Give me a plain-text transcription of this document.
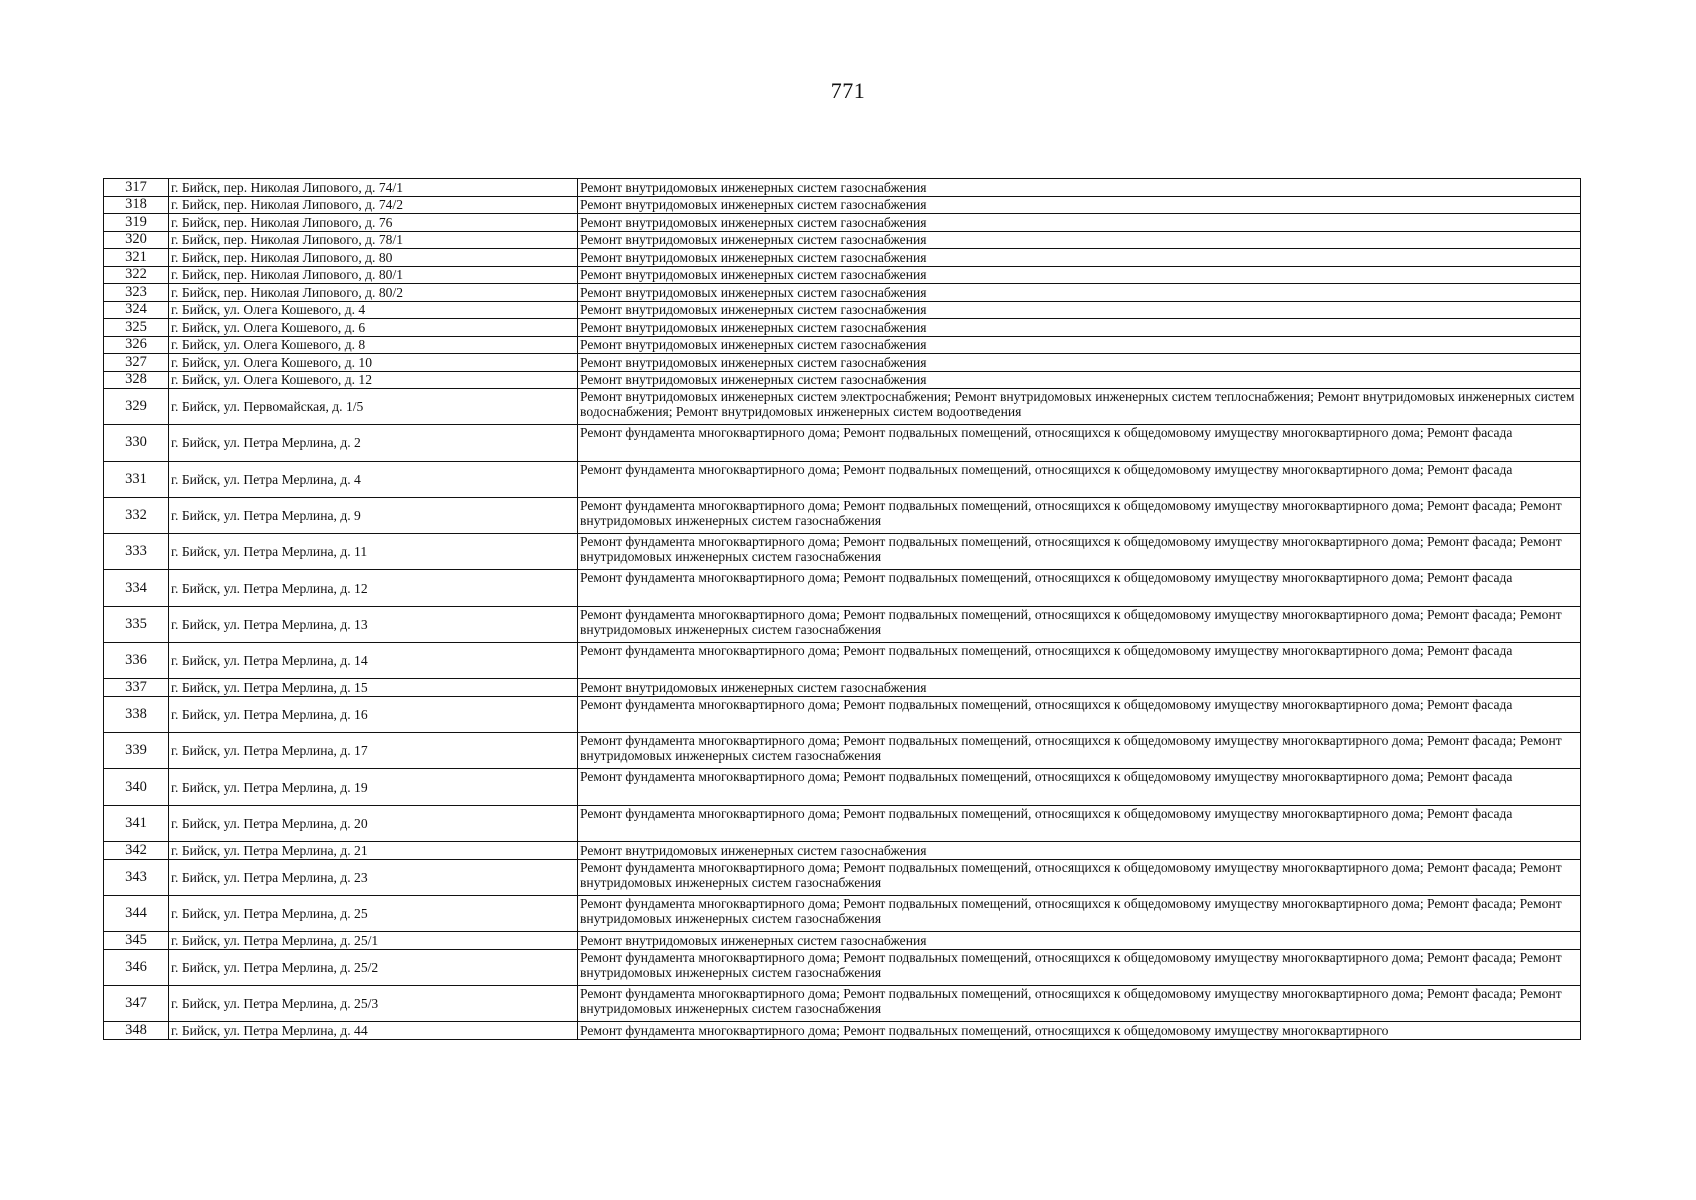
771
317	г. Бийск, пер. Николая Липового, д. 74/1	Ремонт внутридомовых инженерных систем газоснабжения
318	г. Бийск, пер. Николая Липового, д. 74/2	Ремонт внутридомовых инженерных систем газоснабжения
319	г. Бийск, пер. Николая Липового, д. 76	Ремонт внутридомовых инженерных систем газоснабжения
320	г. Бийск, пер. Николая Липового, д. 78/1	Ремонт внутридомовых инженерных систем газоснабжения
321	г. Бийск, пер. Николая Липового, д. 80	Ремонт внутридомовых инженерных систем газоснабжения
322	г. Бийск, пер. Николая Липового, д. 80/1	Ремонт внутридомовых инженерных систем газоснабжения
323	г. Бийск, пер. Николая Липового, д. 80/2	Ремонт внутридомовых инженерных систем газоснабжения
324	г. Бийск, ул. Олега Кошевого, д. 4	Ремонт внутридомовых инженерных систем газоснабжения
325	г. Бийск, ул. Олега Кошевого, д. 6	Ремонт внутридомовых инженерных систем газоснабжения
326	г. Бийск, ул. Олега Кошевого, д. 8	Ремонт внутридомовых инженерных систем газоснабжения
327	г. Бийск, ул. Олега Кошевого, д. 10	Ремонт внутридомовых инженерных систем газоснабжения
328	г. Бийск, ул. Олега Кошевого, д. 12	Ремонт внутридомовых инженерных систем газоснабжения
329	г. Бийск, ул. Первомайская, д. 1/5	Ремонт внутридомовых инженерных систем электроснабжения; Ремонт внутридомовых инженерных систем теплоснабжения; Ремонт внутридомовых инженерных систем водоснабжения; Ремонт внутридомовых инженерных систем водоотведения
330	г. Бийск, ул. Петра Мерлина, д. 2	Ремонт фундамента многоквартирного дома; Ремонт подвальных помещений, относящихся к общедомовому имуществу многоквартирного дома; Ремонт фасада
331	г. Бийск, ул. Петра Мерлина, д. 4	Ремонт фундамента многоквартирного дома; Ремонт подвальных помещений, относящихся к общедомовому имуществу многоквартирного дома; Ремонт фасада
332	г. Бийск, ул. Петра Мерлина, д. 9	Ремонт фундамента многоквартирного дома; Ремонт подвальных помещений, относящихся к общедомовому имуществу многоквартирного дома; Ремонт фасада; Ремонт внутридомовых инженерных систем газоснабжения
333	г. Бийск, ул. Петра Мерлина, д. 11	Ремонт фундамента многоквартирного дома; Ремонт подвальных помещений, относящихся к общедомовому имуществу многоквартирного дома; Ремонт фасада; Ремонт внутридомовых инженерных систем газоснабжения
334	г. Бийск, ул. Петра Мерлина, д. 12	Ремонт фундамента многоквартирного дома; Ремонт подвальных помещений, относящихся к общедомовому имуществу многоквартирного дома; Ремонт фасада
335	г. Бийск, ул. Петра Мерлина, д. 13	Ремонт фундамента многоквартирного дома; Ремонт подвальных помещений, относящихся к общедомовому имуществу многоквартирного дома; Ремонт фасада; Ремонт внутридомовых инженерных систем газоснабжения
336	г. Бийск, ул. Петра Мерлина, д. 14	Ремонт фундамента многоквартирного дома; Ремонт подвальных помещений, относящихся к общедомовому имуществу многоквартирного дома; Ремонт фасада
337	г. Бийск, ул. Петра Мерлина, д. 15	Ремонт внутридомовых инженерных систем газоснабжения
338	г. Бийск, ул. Петра Мерлина, д. 16	Ремонт фундамента многоквартирного дома; Ремонт подвальных помещений, относящихся к общедомовому имуществу многоквартирного дома; Ремонт фасада
339	г. Бийск, ул. Петра Мерлина, д. 17	Ремонт фундамента многоквартирного дома; Ремонт подвальных помещений, относящихся к общедомовому имуществу многоквартирного дома; Ремонт фасада; Ремонт внутридомовых инженерных систем газоснабжения
340	г. Бийск, ул. Петра Мерлина, д. 19	Ремонт фундамента многоквартирного дома; Ремонт подвальных помещений, относящихся к общедомовому имуществу многоквартирного дома; Ремонт фасада
341	г. Бийск, ул. Петра Мерлина, д. 20	Ремонт фундамента многоквартирного дома; Ремонт подвальных помещений, относящихся к общедомовому имуществу многоквартирного дома; Ремонт фасада
342	г. Бийск, ул. Петра Мерлина, д. 21	Ремонт внутридомовых инженерных систем газоснабжения
343	г. Бийск, ул. Петра Мерлина, д. 23	Ремонт фундамента многоквартирного дома; Ремонт подвальных помещений, относящихся к общедомовому имуществу многоквартирного дома; Ремонт фасада; Ремонт внутридомовых инженерных систем газоснабжения
344	г. Бийск, ул. Петра Мерлина, д. 25	Ремонт фундамента многоквартирного дома; Ремонт подвальных помещений, относящихся к общедомовому имуществу многоквартирного дома; Ремонт фасада; Ремонт внутридомовых инженерных систем газоснабжения
345	г. Бийск, ул. Петра Мерлина, д. 25/1	Ремонт внутридомовых инженерных систем газоснабжения
346	г. Бийск, ул. Петра Мерлина, д. 25/2	Ремонт фундамента многоквартирного дома; Ремонт подвальных помещений, относящихся к общедомовому имуществу многоквартирного дома; Ремонт фасада; Ремонт внутридомовых инженерных систем газоснабжения
347	г. Бийск, ул. Петра Мерлина, д. 25/3	Ремонт фундамента многоквартирного дома; Ремонт подвальных помещений, относящихся к общедомовому имуществу многоквартирного дома; Ремонт фасада; Ремонт внутридомовых инженерных систем газоснабжения
348	г. Бийск, ул. Петра Мерлина, д. 44	Ремонт фундамента многоквартирного дома; Ремонт подвальных помещений, относящихся к общедомовому имуществу многоквартирного
